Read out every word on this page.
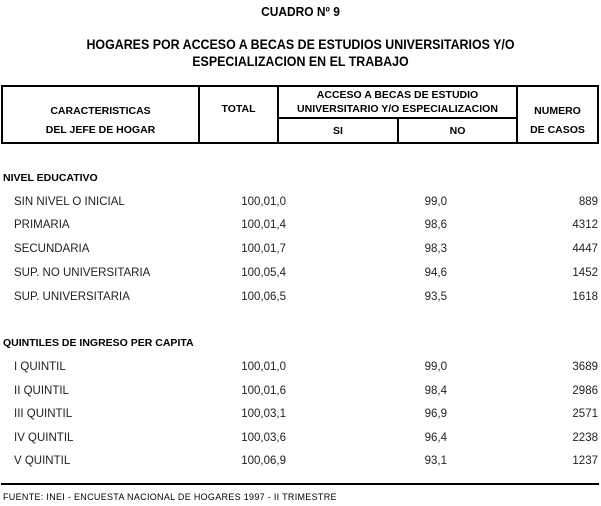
CUADRO Nº 9
HOGARES POR ACCESO A BECAS DE ESTUDIOS UNIVERSITARIOS Y/O
ESPECIALIZACION EN EL TRABAJO
CARACTERISTICAS
DEL JEFE DE HOGAR
TOTAL
ACCESO A BECAS DE ESTUDIO
UNIVERSITARIO Y/O ESPECIALIZACION
SI	NO
NUMERO
DE CASOS
NIVEL EDUCATIVO
SIN NIVEL O INICIAL	100,0 1,0	99,0	889
PRIMARIA	100,0 1,4	98,6	4312
SECUNDARIA	100,0 1,7	98,3	4447
SUP. NO UNIVERSITARIA	100,0 5,4	94,6	1452
SUP. UNIVERSITARIA	100,0 6,5	93,5	1618
QUINTILES DE INGRESO PER CAPITA
I QUINTIL	100,0 1,0	99,0	3689
II QUINTIL	100,0 1,6	98,4	2986
III QUINTIL	100,0 3,1	96,9	2571
IV QUINTIL	100,0 3,6	96,4	2238
V QUINTIL	100,0 6,9	93,1	1237
FUENTE: INEI - ENCUESTA NACIONAL DE HOGARES 1997 - II TRIMESTRE
